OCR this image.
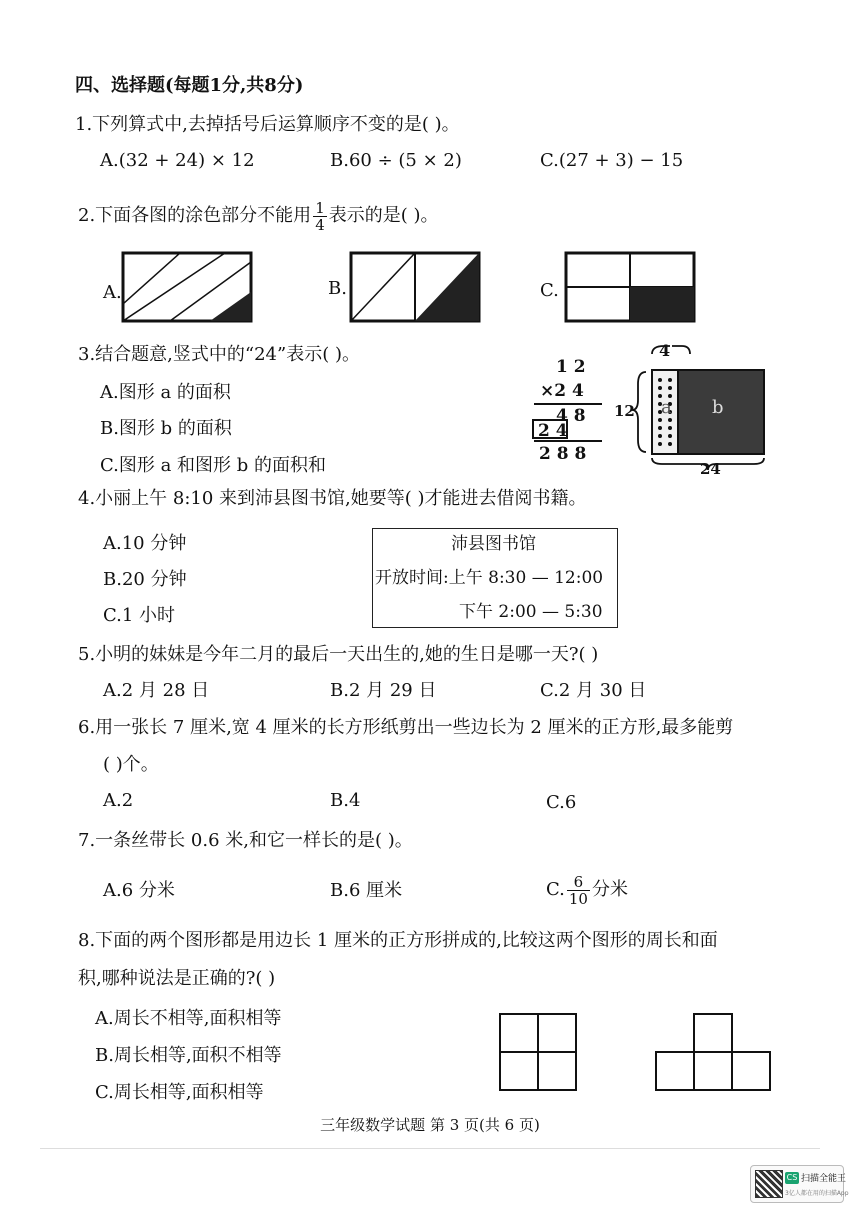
四、选择题(每题1分,共8分)
1.下列算式中,去掉括号后运算顺序不变的是( )。
A.(32 + 24) × 12	B.60 ÷ (5 × 2)	C.(27 + 3) − 15
2.下面各图的涂色部分不能用 $\frac{1}{4}$ 表示的是( )。
A.	B.	C.
3.结合题意,竖式中的“24”表示( )。
A.图形 a 的面积
B.图形 b 的面积
C.图形 a 和图形 b 的面积和
1 2
×2 4
4 8
2 4
2 8 8
4
12
24
a b
4.小丽上午 8:10 来到沛县图书馆,她要等( )才能进去借阅书籍。
A.10 分钟
B.20 分钟
C.1 小时
沛县图书馆
开放时间:上午 8:30 — 12:00
下午 2:00 — 5:30
5.小明的妹妹是今年二月的最后一天出生的,她的生日是哪一天?( )
A.2 月 28 日	B.2 月 29 日	C.2 月 30 日
6.用一张长 7 厘米,宽 4 厘米的长方形纸剪出一些边长为 2 厘米的正方形,最多能剪
( )个。
A.2	B.4	C.6
7.一条丝带长 0.6 米,和它一样长的是( )。
A.6 分米	B.6 厘米	C. $\frac{6}{10}$ 分米
8.下面的两个图形都是用边长 1 厘米的正方形拼成的,比较这两个图形的周长和面
积,哪种说法是正确的?( )
A.周长不相等,面积相等
B.周长相等,面积不相等
C.周长相等,面积相等
三年级数学试题 第 3 页(共 6 页)
CS 扫描全能王
3亿人都在用的扫描App
